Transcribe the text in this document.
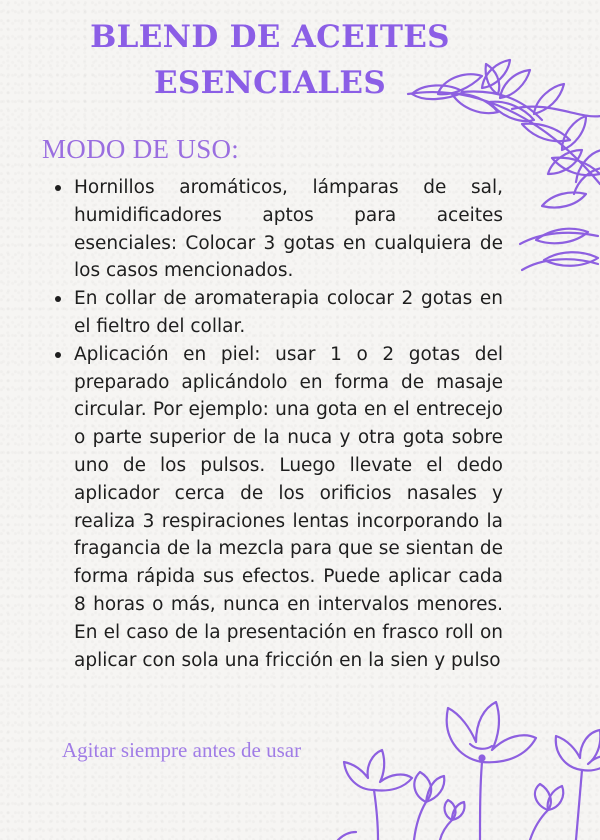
BLEND DE ACEITES
ESENCIALES
MODO DE USO:
Hornillos aromáticos, lámparas de sal, humidificadores aptos para aceites esenciales: Colocar 3 gotas en cualquiera de los casos mencionados.
En collar de aromaterapia colocar 2 gotas en el fieltro del collar.
Aplicación en piel: usar 1 o 2 gotas del preparado aplicándolo en forma de masaje circular. Por ejemplo: una gota en el entrecejo o parte superior de la nuca y otra gota sobre uno de los pulsos. Luego llevate el dedo aplicador cerca de los orificios nasales y realiza 3 respiraciones lentas incorporando la fragancia de la mezcla para que se sientan de forma rápida sus efectos. Puede aplicar cada 8 horas o más, nunca en intervalos menores. En el caso de la presentación en frasco roll on aplicar con sola una fricción en la sien y pulso
Agitar siempre antes de usar
